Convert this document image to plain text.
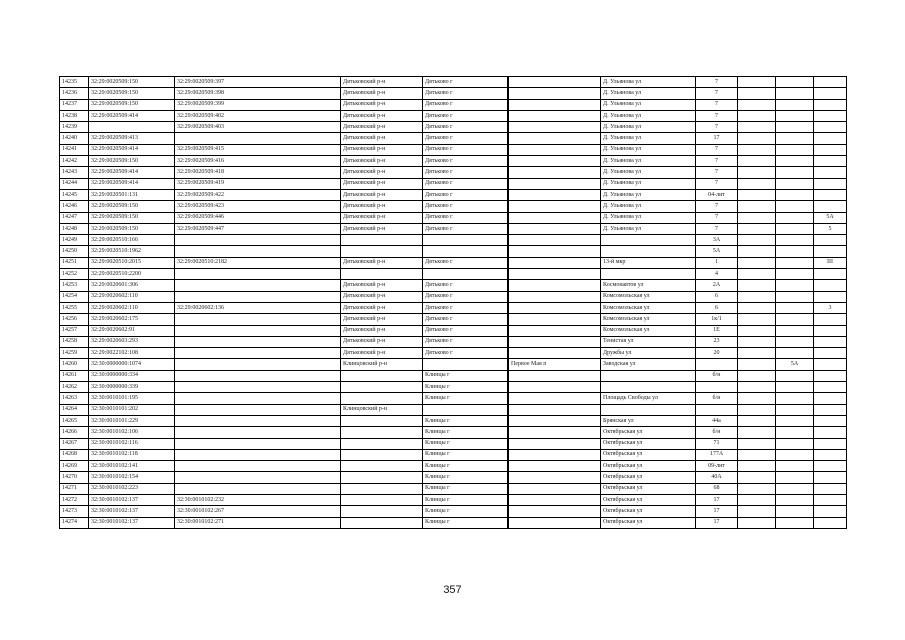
14235	32:29:0020509:150	32:29:0020509:397	Дятьковский р-н	Дятьково г			Д. Ульянова ул	7			
14236	32:29:0020509:150	32:29:0020509:398	Дятьковский р-н	Дятьково г			Д. Ульянова ул	7			
14237	32:29:0020509:150	32:29:0020509:399	Дятьковский р-н	Дятьково г			Д. Ульянова ул	7			
14238	32:29:0020509:414	32:29:0020509:402	Дятьковский р-н	Дятьково г			Д. Ульянова ул	7			
14239		32:29:0020509:403	Дятьковский р-н	Дятьково г			Д. Ульянова ул	7			
14240	32:29:0020509:413		Дятьковский р-н	Дятьково г			Д. Ульянова ул	17			
14241	32:29:0020509:414	32:29:0020509:415	Дятьковский р-н	Дятьково г			Д. Ульянова ул	7			
14242	32:29:0020509:150	32:29:0020509:416	Дятьковский р-н	Дятьково г			Д. Ульянова ул	7			
14243	32:29:0020509:414	32:29:0020509:418	Дятьковский р-н	Дятьково г			Д. Ульянова ул	7			
14244	32:29:0020509:414	32:29:0020509:419	Дятьковский р-н	Дятьково г			Д. Ульянова ул	7			
14245	32:29:0020501:131	32:29:0020509:422	Дятьковский р-н	Дятьково г			Д. Ульянова ул	04-лит			
14246	32:29:0020509:150	32:29:0020509:423	Дятьковский р-н	Дятьково г			Д. Ульянова ул	7			
14247	32:29:0020509:150	32:29:0020509:446	Дятьковский р-н	Дятьково г			Д. Ульянова ул	7			5А
14248	32:29:0020509:150	32:29:0020509:447	Дятьковский р-н	Дятьково г			Д. Ульянова ул	7			5
14249	32:29:0020510:166							3А			
14250	32:29:0020510:1962							5А			
14251	32:29:0020510:2015	32:29:0020510:2182	Дятьковский р-н	Дятьково г			13-й мкр	1			III
14252	32:29:0020510:2200							4			
14253	32:29:0020601:306		Дятьковский р-н	Дятьково г			Космонавтов ул	2А			
14254	32:29:0020602:110		Дятьковский р-н	Дятьково г			Комсомольская ул	6			
14255	32:29:0020602:110	32:29:0020602:136	Дятьковский р-н	Дятьково г			Комсомольская ул	6			3
14256	32:29:0020602:175		Дятьковский р-н	Дятьково г			Комсомольская ул	1к/1			
14257	32:29:0020602:91		Дятьковский р-н	Дятьково г			Комсомольская ул	1Е			
14258	32:29:0020603:293		Дятьковский р-н	Дятьково г			Тенистая ул	23			
14259	32:29:0022102:108		Дятьковский р-н	Дятьково г			Дружбы ул	20			
14260	32:30:0000000:1074		Клинцовский р-н			Первое Мая п	Заводская ул			5А	
14261	32:30:0000000:334			Клинцы г				б/н			
14262	32:30:0000000:339			Клинцы г							
14263	32:30:0010101:195			Клинцы г			Площадь Свободы ул	б/н			
14264	32:30:0010101:202		Клинцовский р-н								
14265	32:30:0010101:229			Клинцы г			Брянская ул	44а			
14266	32:30:0010102:106			Клинцы г			Октябрьская ул	б/н			
14267	32:30:0010102:116			Клинцы г			Октябрьская ул	71			
14268	32:30:0010102:118			Клинцы г			Октябрьская ул	177А			
14269	32:30:0010102:141			Клинцы г			Октябрьская ул	09-лит			
14270	32:30:0010102:154			Клинцы г			Октябрьская ул	40А			
14271	32:30:0010102:223			Клинцы г			Октябрьская ул	68			
14272	32:30:0010102:137	32:30:0010102:232		Клинцы г			Октябрьская ул	17			
14273	32:30:0010102:137	32:30:0010102:267		Клинцы г			Октябрьская ул	17			
14274	32:30:0010102:137	32:30:0010102:271		Клинцы г			Октябрьская ул	17			
357
